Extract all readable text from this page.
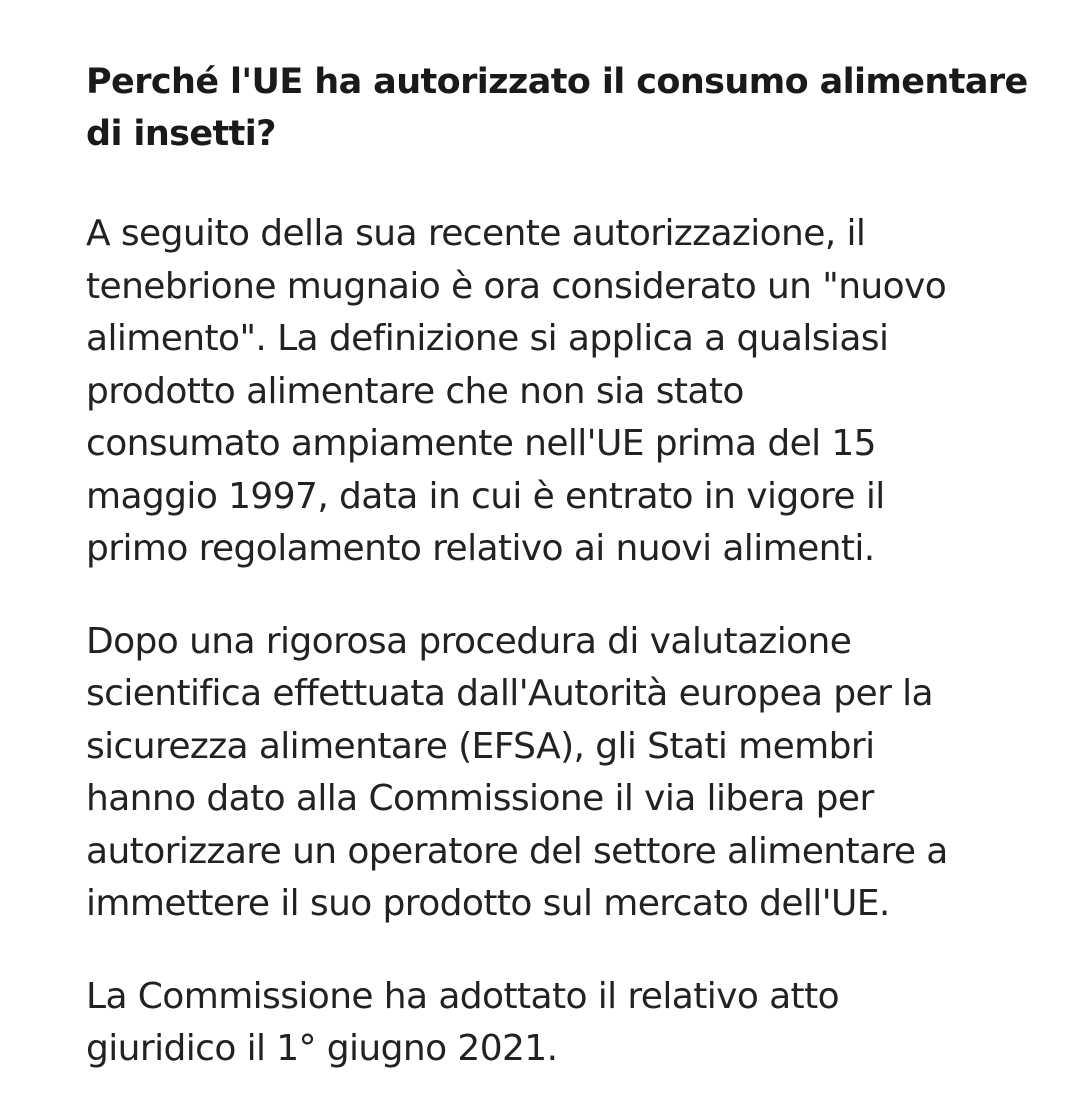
Perché l'UE ha autorizzato il consumo alimentare
di insetti?

A seguito della sua recente autorizzazione, il
tenebrione mugnaio è ora considerato un "nuovo
alimento". La definizione si applica a qualsiasi
prodotto alimentare che non sia stato
consumato ampiamente nell'UE prima del 15
maggio 1997, data in cui è entrato in vigore il
primo regolamento relativo ai nuovi alimenti.

Dopo una rigorosa procedura di valutazione
scientifica effettuata dall'Autorità europea per la
sicurezza alimentare (EFSA), gli Stati membri
hanno dato alla Commissione il via libera per
autorizzare un operatore del settore alimentare a
immettere il suo prodotto sul mercato dell'UE.

La Commissione ha adottato il relativo atto
giuridico il 1° giugno 2021.
